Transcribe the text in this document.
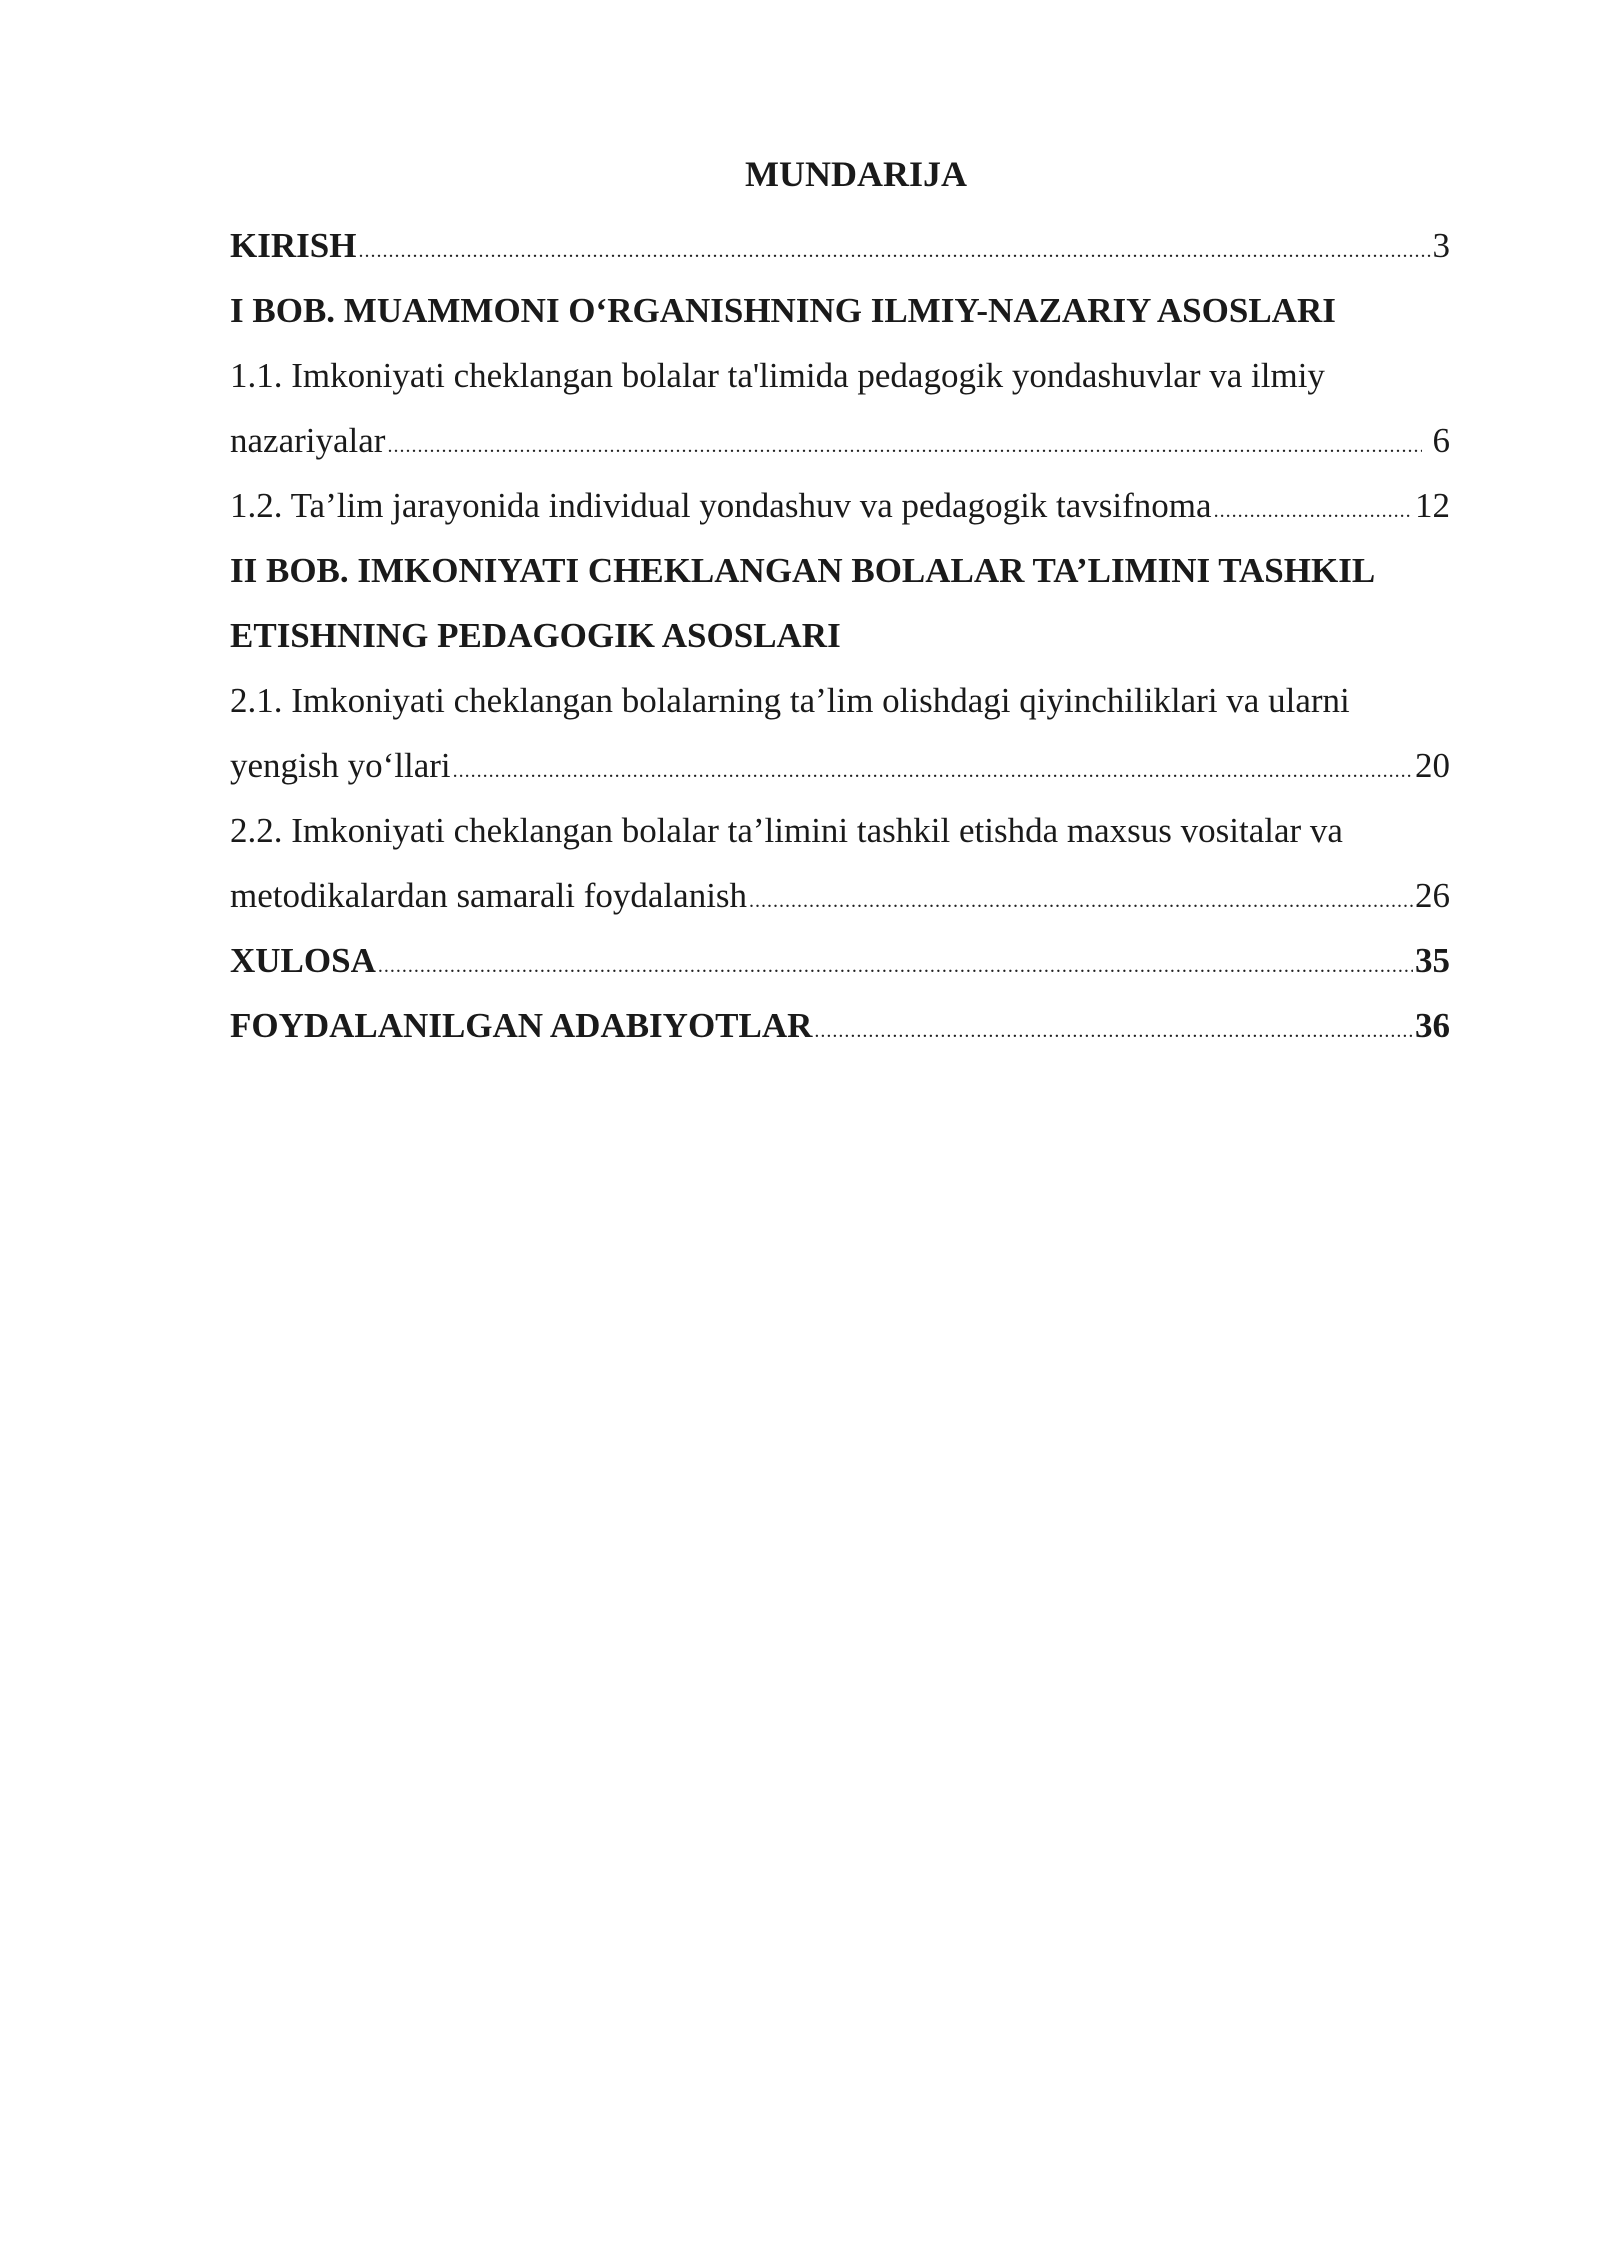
MUNDARIJA
KIRISH .....	3
I BOB. MUAMMONI O‘RGANISHNING ILMIY-NAZARIY ASOSLARI
1.1. Imkoniyati cheklangan bolalar ta'limida pedagogik yondashuvlar va ilmiy
nazariyalar .....	6
1.2. Ta’lim jarayonida individual yondashuv va pedagogik tavsifnoma .....	12
II BOB. IMKONIYATI CHEKLANGAN BOLALAR TA’LIMINI TASHKIL
ETISHNING PEDAGOGIK ASOSLARI
2.1. Imkoniyati cheklangan bolalarning ta’lim olishdagi qiyinchiliklari va ularni
yengish yo‘llari .....	20
2.2. Imkoniyati cheklangan bolalar ta’limini tashkil etishda maxsus vositalar va
metodikalardan samarali foydalanish .....	26
XULOSA .....	35
FOYDALANILGAN ADABIYOTLAR .....	36
